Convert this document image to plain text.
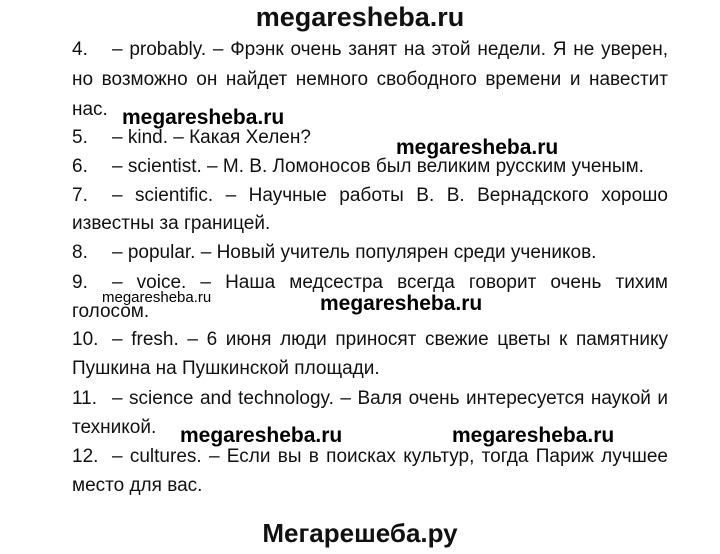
megaresheba.ru
4. – probably. – Фрэнк очень занят на этой недели. Я не уверен,
но возможно он найдет немного свободного времени и навестит
нас.
5. – kind. – Какая Хелен?
6. – scientist. – М. В. Ломоносов был великим русским ученым.
7. – scientific. – Научные работы В. В. Вернадского хорошо
известны за границей.
8. – popular. – Новый учитель популярен среди учеников.
9. – voice. – Наша медсестра всегда говорит очень тихим
голосом.
10. – fresh. – 6 июня люди приносят свежие цветы к памятнику
Пушкина на Пушкинской площади.
11. – science and technology. – Валя очень интересуется наукой и
техникой.
12. – cultures. – Если вы в поисках культур, тогда Париж лучшее
место для вас.
megaresheba.ru
megaresheba.ru
megaresheba.ru	megaresheba.ru
megaresheba.ru	megaresheba.ru
Мегарешеба.ру
